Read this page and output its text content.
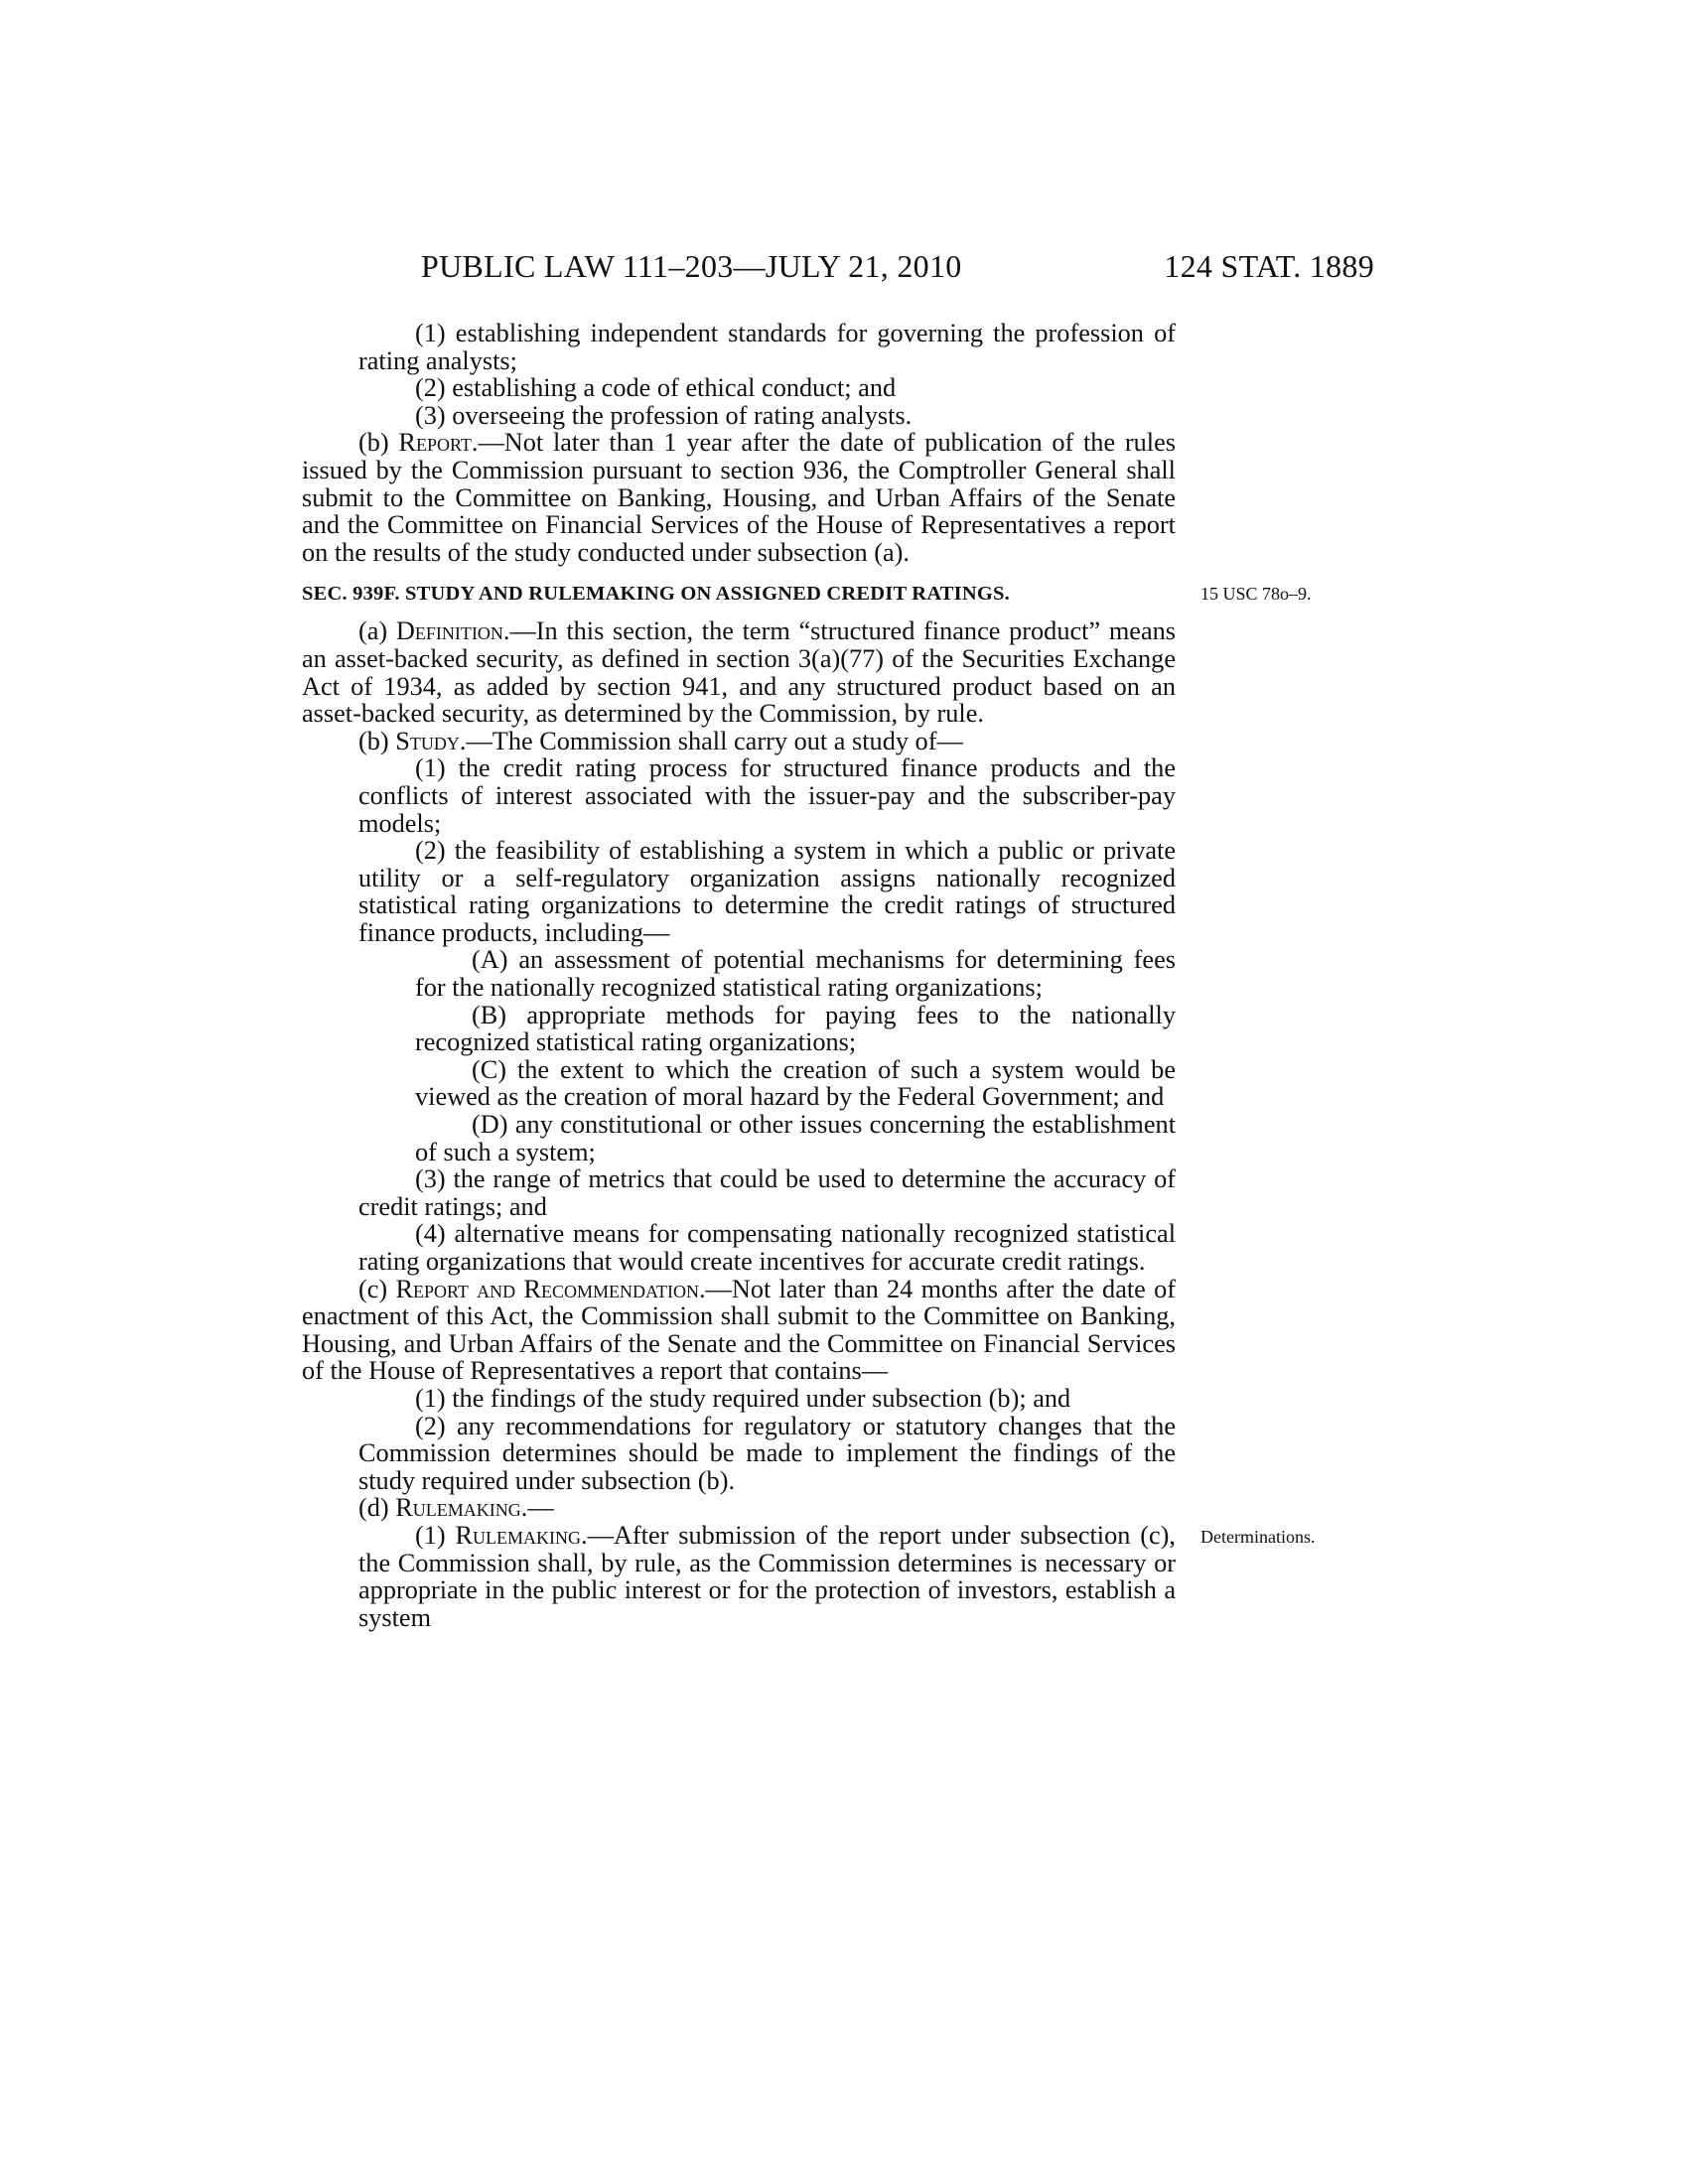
PUBLIC LAW 111–203—JULY 21, 2010	124 STAT. 1889

(1) establishing independent standards for governing the profession of rating analysts;

(2) establishing a code of ethical conduct; and

(3) overseeing the profession of rating analysts.

(b) Report.—Not later than 1 year after the date of publication of the rules issued by the Commission pursuant to section 936, the Comptroller General shall submit to the Committee on Banking, Housing, and Urban Affairs of the Senate and the Committee on Financial Services of the House of Representatives a report on the results of the study conducted under subsection (a).

SEC. 939F. STUDY AND RULEMAKING ON ASSIGNED CREDIT RATINGS.	15 USC 78o–9.

(a) Definition.—In this section, the term “structured finance product” means an asset-backed security, as defined in section 3(a)(77) of the Securities Exchange Act of 1934, as added by section 941, and any structured product based on an asset-backed security, as determined by the Commission, by rule.

(b) Study.—The Commission shall carry out a study of—

(1) the credit rating process for structured finance products and the conflicts of interest associated with the issuer-pay and the subscriber-pay models;

(2) the feasibility of establishing a system in which a public or private utility or a self-regulatory organization assigns nationally recognized statistical rating organizations to determine the credit ratings of structured finance products, including—

(A) an assessment of potential mechanisms for determining fees for the nationally recognized statistical rating organizations;

(B) appropriate methods for paying fees to the nationally recognized statistical rating organizations;

(C) the extent to which the creation of such a system would be viewed as the creation of moral hazard by the Federal Government; and

(D) any constitutional or other issues concerning the establishment of such a system;

(3) the range of metrics that could be used to determine the accuracy of credit ratings; and

(4) alternative means for compensating nationally recognized statistical rating organizations that would create incentives for accurate credit ratings.

(c) Report and Recommendation.—Not later than 24 months after the date of enactment of this Act, the Commission shall submit to the Committee on Banking, Housing, and Urban Affairs of the Senate and the Committee on Financial Services of the House of Representatives a report that contains—

(1) the findings of the study required under subsection (b); and

(2) any recommendations for regulatory or statutory changes that the Commission determines should be made to implement the findings of the study required under subsection (b).

(d) Rulemaking.—

(1) Rulemaking.—After submission of the report under subsection (c), the Commission shall, by rule, as the Commission determines is necessary or appropriate in the public interest or for the protection of investors, establish a system

Determinations.
